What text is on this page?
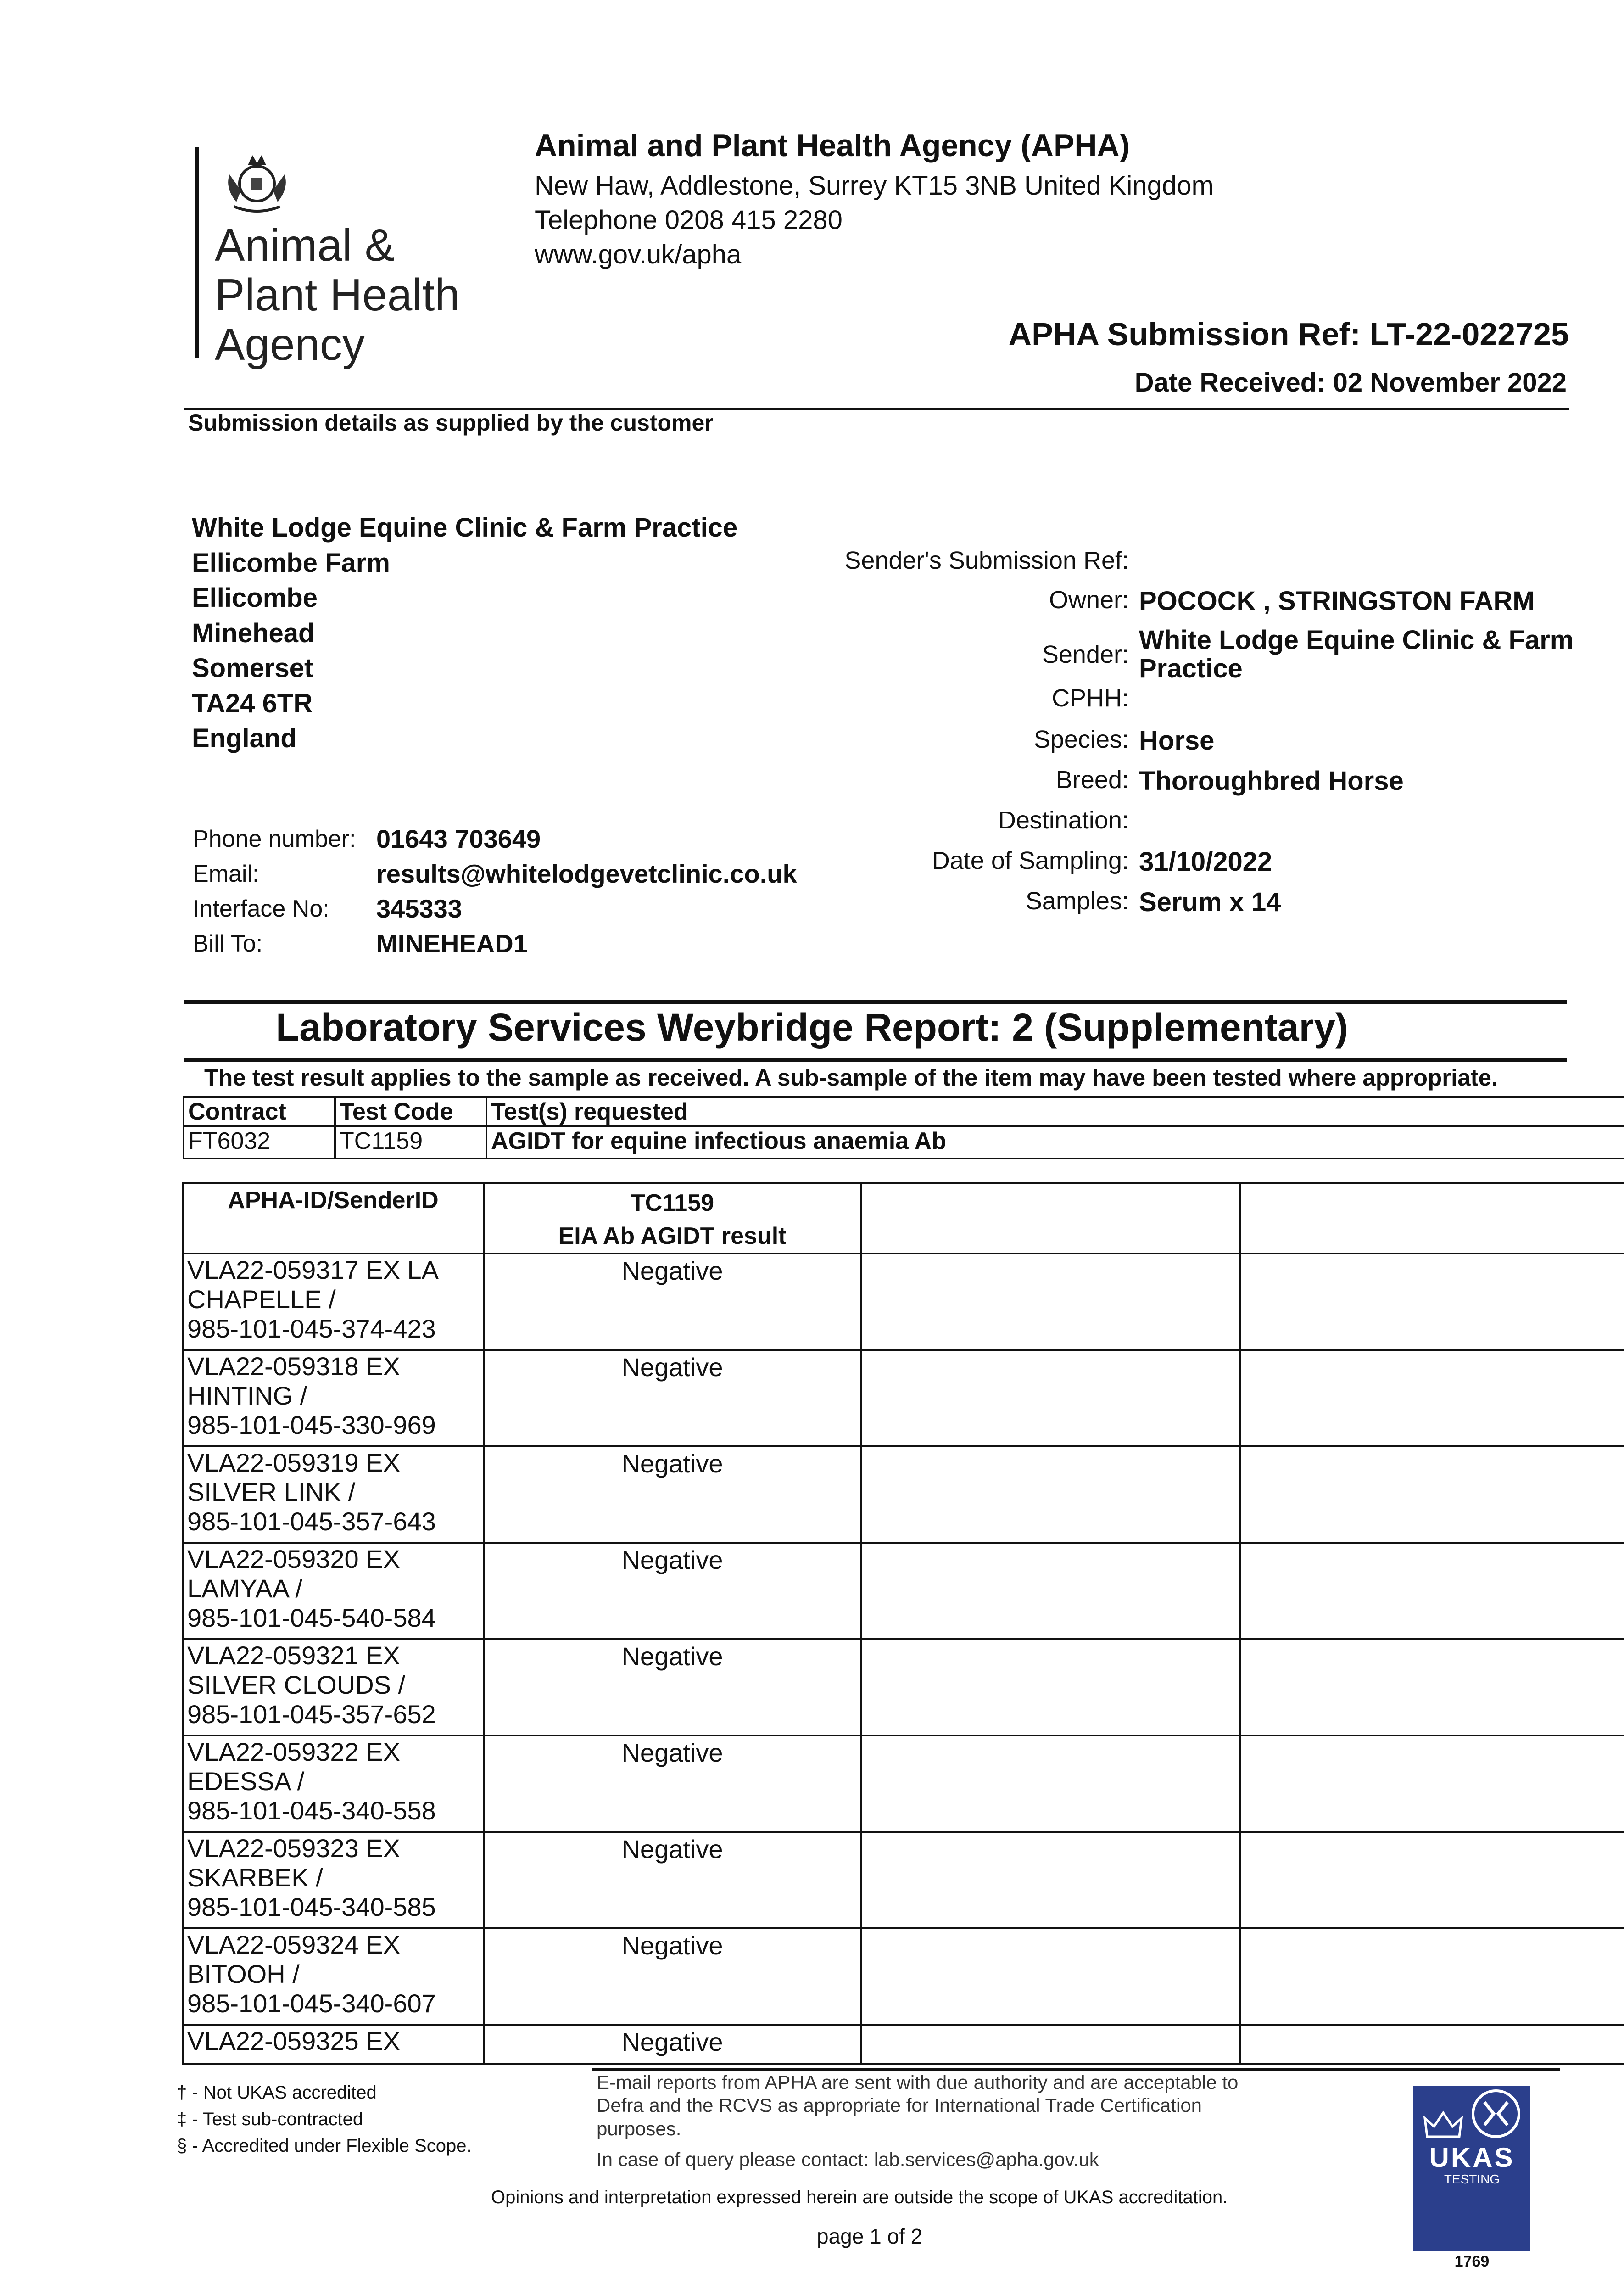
Animal &
Plant Health
Agency
Animal and Plant Health Agency (APHA)
New Haw, Addlestone, Surrey KT15 3NB United Kingdom
Telephone 0208 415 2280
www.gov.uk/apha
APHA Submission Ref: LT-22-022725
Date Received: 02 November 2022
Submission details as supplied by the customer
White Lodge Equine Clinic & Farm Practice
Ellicombe Farm
Ellicombe
Minehead
Somerset
TA24 6TR
England
Phone number: 01643 703649
Email:	results@whitelodgevetclinic.co.uk
Interface No:	345333
Bill To:	MINEHEAD1
Sender's Submission Ref:
Owner: POCOCK , STRINGSTON FARM
Sender: White Lodge Equine Clinic & Farm Practice
CPHH:
Species: Horse
Breed: Thoroughbred Horse
Destination:
Date of Sampling: 31/10/2022
Samples: Serum x 14
Laboratory Services Weybridge Report: 2 (Supplementary)
The test result applies to the sample as received. A sub-sample of the item may have been tested where appropriate.
Contract	Test Code	Test(s) requested
FT6032	TC1159	AGIDT for equine infectious anaemia Ab
APHA-ID/SenderID	TC1159
EIA Ab AGIDT result		

VLA22-059317 EX LA
CHAPELLE /
985-101-045-374-423	Negative		

VLA22-059318 EX
HINTING /
985-101-045-330-969	Negative		

VLA22-059319 EX
SILVER LINK /
985-101-045-357-643	Negative		

VLA22-059320 EX
LAMYAA /
985-101-045-540-584	Negative		

VLA22-059321 EX
SILVER CLOUDS /
985-101-045-357-652	Negative		

VLA22-059322 EX
EDESSA /
985-101-045-340-558	Negative		

VLA22-059323 EX
SKARBEK /
985-101-045-340-585	Negative		

VLA22-059324 EX
BITOOH /
985-101-045-340-607	Negative		

VLA22-059325 EX	Negative		
† - Not UKAS accredited
‡ - Test sub-contracted
§ - Accredited under Flexible Scope.
E-mail reports from APHA are sent with due authority and are acceptable to
Defra and the RCVS as appropriate for International Trade Certification
purposes.
In case of query please contact: lab.services@apha.gov.uk
Opinions and interpretation expressed herein are outside the scope of UKAS accreditation.
page 1 of 2

UKAS
TESTING
1769
